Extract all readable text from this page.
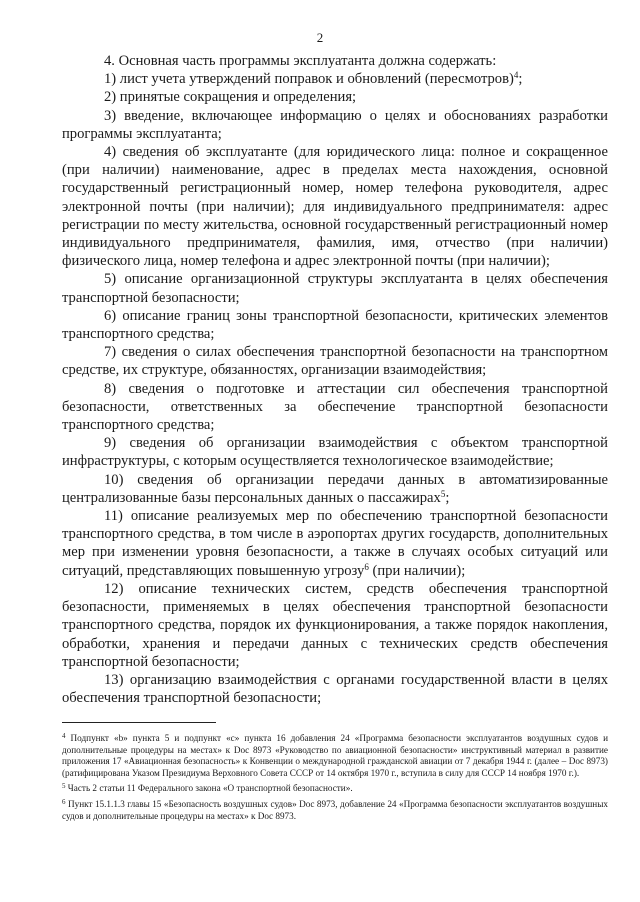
2

4. Основная часть программы эксплуатанта должна содержать:

1) лист учета утверждений поправок и обновлений (пересмотров)$^4$;

2) принятые сокращения и определения;

3) введение, включающее информацию о целях и обоснованиях разработки программы эксплуатанта;

4) сведения об эксплуатанте (для юридического лица: полное и сокращенное (при наличии) наименование, адрес в пределах места нахождения, основной государственный регистрационный номер, номер телефона руководителя, адрес электронной почты (при наличии); для индивидуального предпринимателя: адрес регистрации по месту жительства, основной государственный регистрационный номер индивидуального предпринимателя, фамилия, имя, отчество (при наличии) физического лица, номер телефона и адрес электронной почты (при наличии);

5) описание организационной структуры эксплуатанта в целях обеспечения транспортной безопасности;

6) описание границ зоны транспортной безопасности, критических элементов транспортного средства;

7) сведения о силах обеспечения транспортной безопасности на транспортном средстве, их структуре, обязанностях, организации взаимодействия;

8) сведения о подготовке и аттестации сил обеспечения транспортной безопасности, ответственных за обеспечение транспортной безопасности транспортного средства;

9) сведения об организации взаимодействия с объектом транспортной инфраструктуры, с которым осуществляется технологическое взаимодействие;

10) сведения об организации передачи данных в автоматизированные централизованные базы персональных данных о пассажирах$^5$;

11) описание реализуемых мер по обеспечению транспортной безопасности транспортного средства, в том числе в аэропортах других государств, дополнительных мер при изменении уровня безопасности, а также в случаях особых ситуаций или ситуаций, представляющих повышенную угрозу$^6$ (при наличии);

12) описание технических систем, средств обеспечения транспортной безопасности, применяемых в целях обеспечения транспортной безопасности транспортного средства, порядок их функционирования, а также порядок накопления, обработки, хранения и передачи данных с технических средств обеспечения транспортной безопасности;

13) организацию взаимодействия с органами государственной власти в целях обеспечения транспортной безопасности;

$^4$ Подпункт «b» пункта 5 и подпункт «c» пункта 16 добавления 24 «Программа безопасности эксплуатантов воздушных судов и дополнительные процедуры на местах» к Doc 8973 «Руководство по авиационной безопасности» инструктивный материал в развитие приложения 17 «Авиационная безопасность» к Конвенции о международной гражданской авиации от 7 декабря 1944 г. (далее – Doc 8973) (ратифицирована Указом Президиума Верховного Совета СССР от 14 октября 1970 г., вступила в силу для СССР 14 ноября 1970 г.).

$^5$ Часть 2 статьи 11 Федерального закона «О транспортной безопасности».

$^6$ Пункт 15.1.1.3 главы 15 «Безопасность воздушных судов» Doc 8973, добавление 24 «Программа безопасности эксплуатантов воздушных судов и дополнительные процедуры на местах» к Doc 8973.
